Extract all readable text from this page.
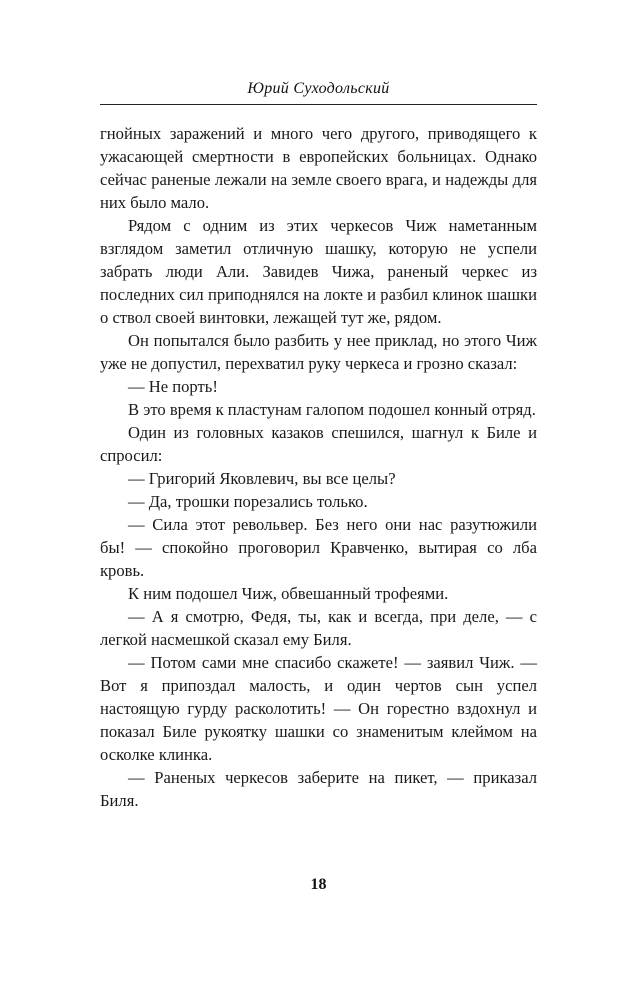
Юрий Суходольский

гнойных заражений и много чего другого, приводящего к ужасающей смертности в европейских больницах. Однако сейчас раненые лежали на земле своего врага, и надежды для них было мало.

Рядом с одним из этих черкесов Чиж наметанным взглядом заметил отличную шашку, которую не успели забрать люди Али. Завидев Чижа, раненый черкес из последних сил приподнялся на локте и разбил клинок шашки о ствол своей винтовки, лежащей тут же, рядом.

Он попытался было разбить у нее приклад, но этого Чиж уже не допустил, перехватил руку черкеса и грозно сказал:

— Не порть!

В это время к пластунам галопом подошел конный отряд.

Один из головных казаков спешился, шагнул к Биле и спросил:

— Григорий Яковлевич, вы все целы?

— Да, трошки порезались только.

— Сила этот револьвер. Без него они нас разутюжили бы! — спокойно проговорил Кравченко, вытирая со лба кровь.

К ним подошел Чиж, обвешанный трофеями.

— А я смотрю, Федя, ты, как и всегда, при деле, — с легкой насмешкой сказал ему Биля.

— Потом сами мне спасибо скажете! — заявил Чиж. — Вот я припоздал малость, и один чертов сын успел настоящую гурду расколотить! — Он горестно вздохнул и показал Биле рукоятку шашки со знаменитым клеймом на осколке клинка.

— Раненых черкесов заберите на пикет, — приказал Биля.

18
